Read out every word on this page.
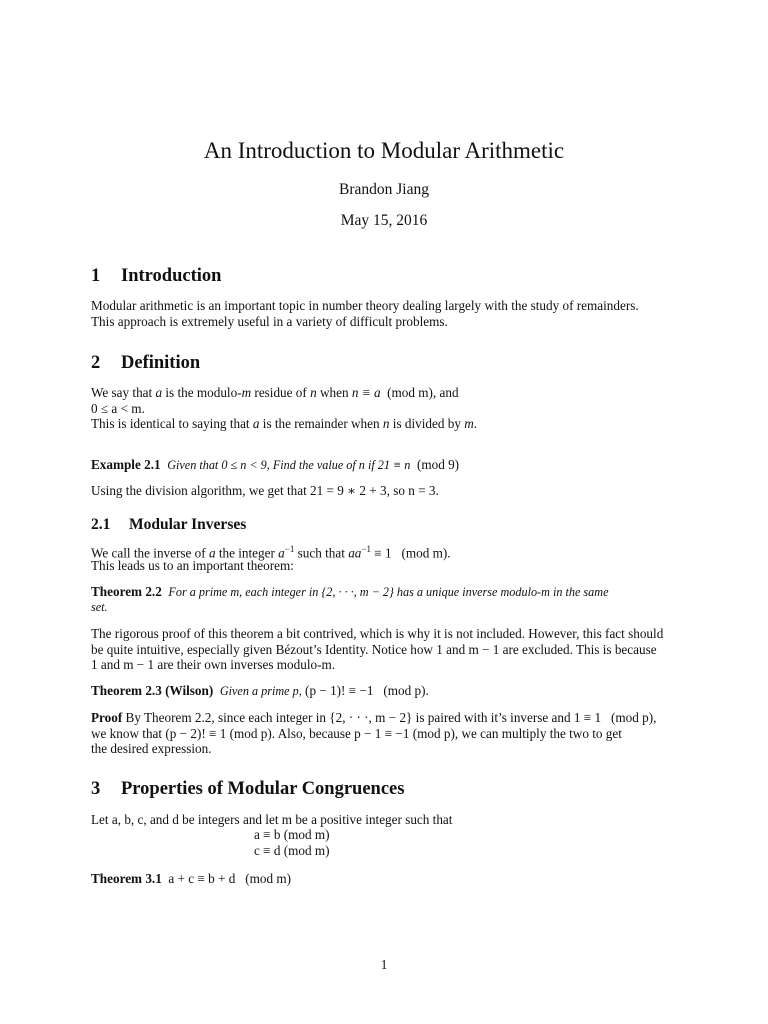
An Introduction to Modular Arithmetic
Brandon Jiang
May 15, 2016
1 Introduction
Modular arithmetic is an important topic in number theory dealing largely with the study of remainders.
This approach is extremely useful in a variety of difficult problems.
2 Definition
We say that a is the modulo-m residue of n when n ≡ a  (mod m), and
0 ≤ a < m.
This is identical to saying that a is the remainder when n is divided by m.
Example 2.1 Given that 0 ≤ n < 9, Find the value of n if 21 ≡ n  (mod 9)
Using the division algorithm, we get that 21 = 9 ∗ 2 + 3, so n = 3.
2.1 Modular Inverses
We call the inverse of a the integer $a^{-1}$ such that $aa^{-1} \equiv 1$   (mod m).
This leads us to an important theorem:
Theorem 2.2 For a prime m, each integer in {2, · · ·, m − 2} has a unique inverse modulo-m in the same
set.
The rigorous proof of this theorem a bit contrived, which is why it is not included. However, this fact should
be quite intuitive, especially given Bézout’s Identity. Notice how 1 and m − 1 are excluded. This is because
1 and m − 1 are their own inverses modulo-m.
Theorem 2.3 (Wilson) Given a prime p, (p − 1)! ≡ −1   (mod p).
Proof By Theorem 2.2, since each integer in {2, · · ·, m − 2} is paired with it’s inverse and 1 ≡ 1   (mod p),
we know that (p − 2)! ≡ 1 (mod p). Also, because p − 1 ≡ −1 (mod p), we can multiply the two to get
the desired expression.
3 Properties of Modular Congruences
Let a, b, c, and d be integers and let m be a positive integer such that
a ≡ b (mod m)
c ≡ d (mod m)
Theorem 3.1 a + c ≡ b + d   (mod m)
1
